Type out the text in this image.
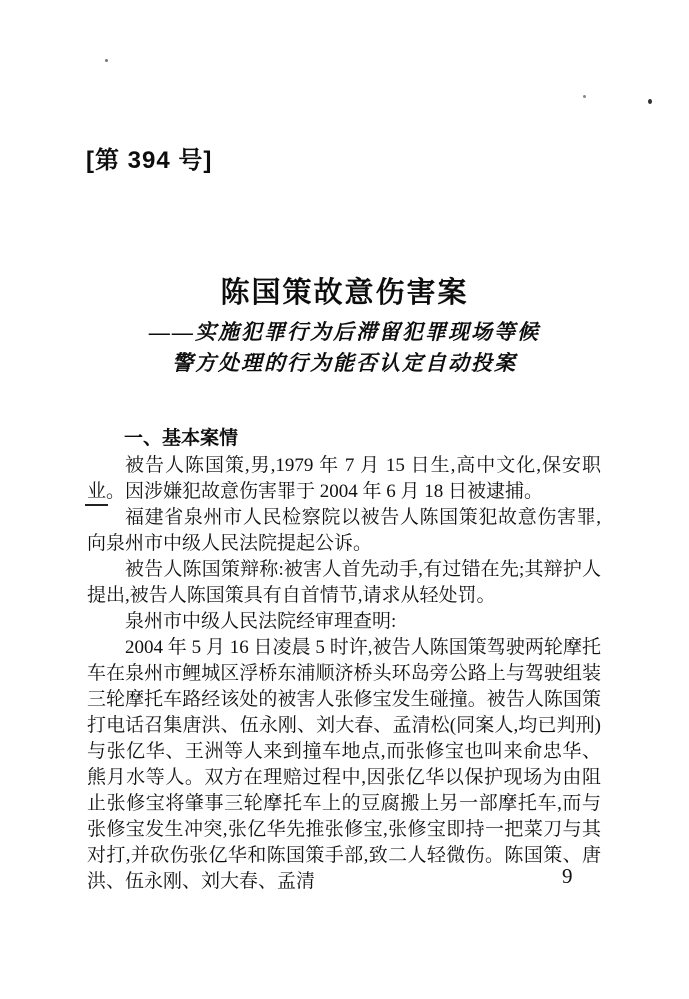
[第 394 号]
陈国策故意伤害案
——实施犯罪行为后滞留犯罪现场等候
警方处理的行为能否认定自动投案
一、基本案情

被告人陈国策,男,1979 年 7 月 15 日生,高中文化,保安职业。因涉嫌犯故意伤害罪于 2004 年 6 月 18 日被逮捕。

福建省泉州市人民检察院以被告人陈国策犯故意伤害罪,向泉州市中级人民法院提起公诉。

被告人陈国策辩称:被害人首先动手,有过错在先;其辩护人提出,被告人陈国策具有自首情节,请求从轻处罚。

泉州市中级人民法院经审理查明:

2004 年 5 月 16 日凌晨 5 时许,被告人陈国策驾驶两轮摩托车在泉州市鲤城区浮桥东浦顺济桥头环岛旁公路上与驾驶组装三轮摩托车路经该处的被害人张修宝发生碰撞。被告人陈国策打电话召集唐洪、伍永刚、刘大春、孟清松(同案人,均已判刑)与张亿华、王洲等人来到撞车地点,而张修宝也叫来俞忠华、熊月水等人。双方在理赔过程中,因张亿华以保护现场为由阻止张修宝将肇事三轮摩托车上的豆腐搬上另一部摩托车,而与张修宝发生冲突,张亿华先推张修宝,张修宝即持一把菜刀与其对打,并砍伤张亿华和陈国策手部,致二人轻微伤。陈国策、唐洪、伍永刚、刘大春、孟清	9
